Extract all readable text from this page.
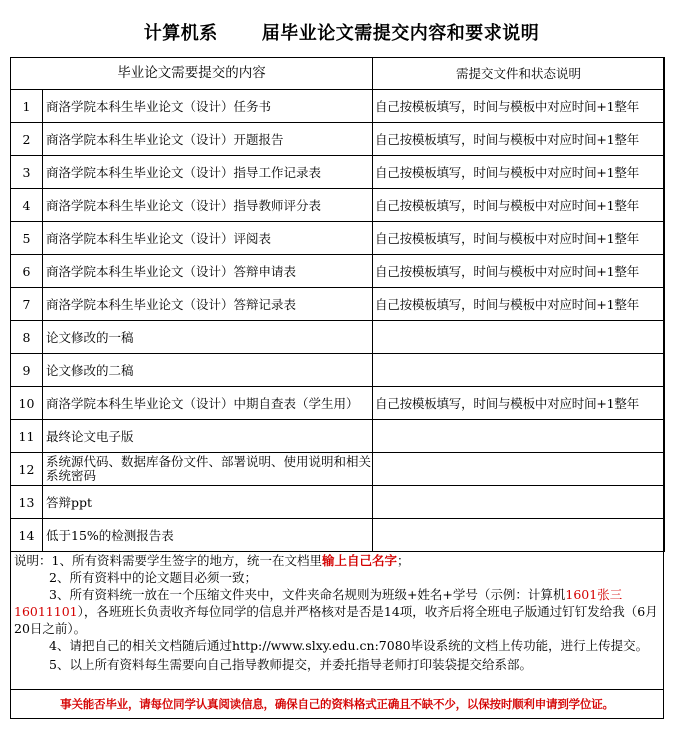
计算机系 届毕业论文需提交内容和要求说明
毕业论文需要提交的内容		需提交文件和状态说明
1	商洛学院本科生毕业论文（设计）任务书	自己按模板填写，时间与模板中对应时间+1整年
2	商洛学院本科生毕业论文（设计）开题报告	自己按模板填写，时间与模板中对应时间+1整年
3	商洛学院本科生毕业论文（设计）指导工作记录表	自己按模板填写，时间与模板中对应时间+1整年
4	商洛学院本科生毕业论文（设计）指导教师评分表	自己按模板填写，时间与模板中对应时间+1整年
5	商洛学院本科生毕业论文（设计）评阅表	自己按模板填写，时间与模板中对应时间+1整年
6	商洛学院本科生毕业论文（设计）答辩申请表	自己按模板填写，时间与模板中对应时间+1整年
7	商洛学院本科生毕业论文（设计）答辩记录表	自己按模板填写，时间与模板中对应时间+1整年
8	论文修改的一稿	
9	论文修改的二稿	
10	商洛学院本科生毕业论文（设计）中期自查表（学生用）	自己按模板填写，时间与模板中对应时间+1整年
11	最终论文电子版	
12	系统源代码、数据库备份文件、部署说明、使用说明和相关系统密码	
13	答辩ppt	
14	低于15%的检测报告表	

说明：1、所有资料需要学生签字的地方，统一在文档里输上自己名字；

2、所有资料中的论文题目必须一致；

3、所有资料统一放在一个压缩文件夹中，文件夹命名规则为班级+姓名+学号（示例：计算机1601张三16011101），各班班长负责收齐每位同学的信息并严格核对是否是14项，收齐后将全班电子版通过钉钉发给我（6月20日之前）。

4、请把自己的相关文档随后通过http://www.slxy.edu.cn:7080毕设系统的文档上传功能，进行上传提交。

5、以上所有资料每生需要向自己指导教师提交，并委托指导老师打印装袋提交给系部。

事关能否毕业，请每位同学认真阅读信息，确保自己的资料格式正确且不缺不少，以保按时顺利申请到学位证。
